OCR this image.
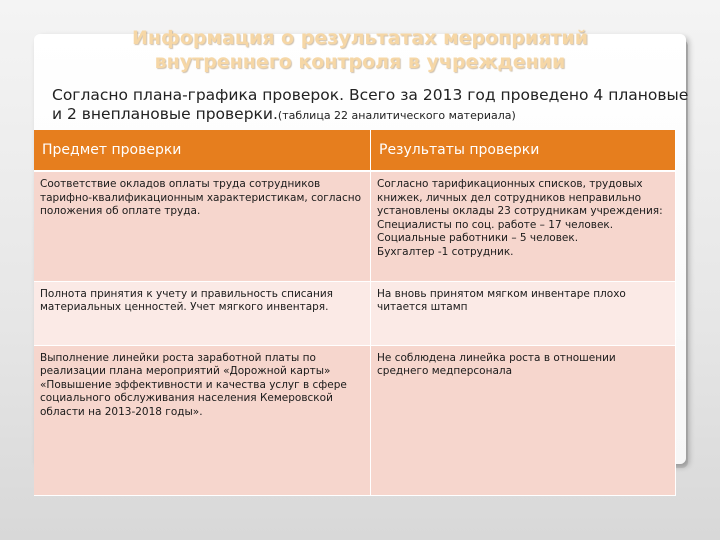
Информация о результатах мероприятий
внутреннего контроля в учреждении
Согласно плана-графика проверок. Всего за 2013 год проведено 4 плановые и 2 внеплановые проверки.(таблица 22 аналитического материала)
Предмет проверки	Результаты проверки
Соответствие окладов оплаты труда сотрудников тарифно-квалификационным характеристикам, согласно положения об оплате труда.	Согласно тарификационных списков, трудовых книжек, личных дел сотрудников неправильно установлены оклады 23 сотрудникам учреждения:
Специалисты по соц. работе – 17 человек.
Социальные работники – 5 человек.
Бухгалтер -1 сотрудник.

Полнота принятия к учету и правильность списания материальных ценностей. Учет мягкого инвентаря.	На вновь принятом мягком инвентаре плохо читается штамп

Выполнение линейки роста заработной платы по реализации плана мероприятий «Дорожной карты» «Повышение эффективности и качества услуг в сфере социального обслуживания населения Кемеровской области на 2013-2018 годы».	Не соблюдена линейка роста в отношении среднего медперсонала
